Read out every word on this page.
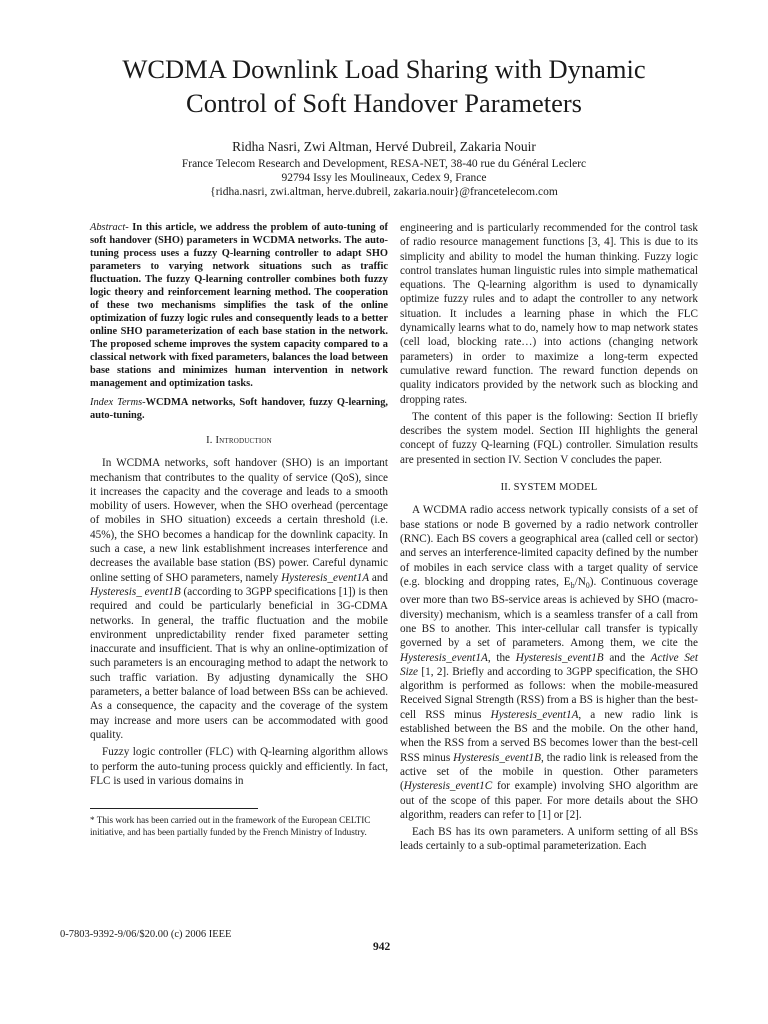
WCDMA Downlink Load Sharing with Dynamic
Control of Soft Handover Parameters
Ridha Nasri, Zwi Altman, Hervé Dubreil, Zakaria Nouir
France Telecom Research and Development, RESA-NET, 38-40 rue du Général Leclerc
92794 Issy les Moulineaux, Cedex 9, France
{ridha.nasri, zwi.altman, herve.dubreil, zakaria.nouir}@francetelecom.com

Abstract- In this article, we address the problem of auto-tuning of soft handover (SHO) parameters in WCDMA networks. The auto-tuning process uses a fuzzy Q-learning controller to adapt SHO parameters to varying network situations such as traffic fluctuation. The fuzzy Q-learning controller combines both fuzzy logic theory and reinforcement learning method. The cooperation of these two mechanisms simplifies the task of the online optimization of fuzzy logic rules and consequently leads to a better online SHO parameterization of each base station in the network. The proposed scheme improves the system capacity compared to a classical network with fixed parameters, balances the load between base stations and minimizes human intervention in network management and optimization tasks.

Index Terms-WCDMA networks, Soft handover, fuzzy Q-learning, auto-tuning.

I. Introduction

In WCDMA networks, soft handover (SHO) is an important mechanism that contributes to the quality of service (QoS), since it increases the capacity and the coverage and leads to a smooth mobility of users. However, when the SHO overhead (percentage of mobiles in SHO situation) exceeds a certain threshold (i.e. 45%), the SHO becomes a handicap for the downlink capacity. In such a case, a new link establishment increases interference and decreases the available base station (BS) power. Careful dynamic online setting of SHO parameters, namely Hysteresis_event1A and Hysteresis_ event1B (according to 3GPP specifications [1]) is then required and could be particularly beneficial in 3G-CDMA networks. In general, the traffic fluctuation and the mobile environment unpredictability render fixed parameter setting inaccurate and insufficient. That is why an online-optimization of such parameters is an encouraging method to adapt the network to such traffic variation. By adjusting dynamically the SHO parameters, a better balance of load between BSs can be achieved. As a consequence, the capacity and the coverage of the system may increase and more users can be accommodated with good quality.

Fuzzy logic controller (FLC) with Q-learning algorithm allows to perform the auto-tuning process quickly and efficiently. In fact, FLC is used in various domains in

* This work has been carried out in the framework of the European CELTIC initiative, and has been partially funded by the French Ministry of Industry.

engineering and is particularly recommended for the control task of radio resource management functions [3, 4]. This is due to its simplicity and ability to model the human thinking. Fuzzy logic control translates human linguistic rules into simple mathematical equations. The Q-learning algorithm is used to dynamically optimize fuzzy rules and to adapt the controller to any network situation. It includes a learning phase in which the FLC dynamically learns what to do, namely how to map network states (cell load, blocking rate…) into actions (changing network parameters) in order to maximize a long-term expected cumulative reward function. The reward function depends on quality indicators provided by the network such as blocking and dropping rates.

The content of this paper is the following: Section II briefly describes the system model. Section III highlights the general concept of fuzzy Q-learning (FQL) controller. Simulation results are presented in section IV. Section V concludes the paper.

II. SYSTEM MODEL

A WCDMA radio access network typically consists of a set of base stations or node B governed by a radio network controller (RNC). Each BS covers a geographical area (called cell or sector) and serves an interference-limited capacity defined by the number of mobiles in each service class with a target quality of service (e.g. blocking and dropping rates, $E_b/N_0$). Continuous coverage over more than two BS-service areas is achieved by SHO (macro-diversity) mechanism, which is a seamless transfer of a call from one BS to another. This inter-cellular call transfer is typically governed by a set of parameters. Among them, we cite the Hysteresis_event1A, the Hysteresis_event1B and the Active Set Size [1, 2]. Briefly and according to 3GPP specification, the SHO algorithm is performed as follows: when the mobile-measured Received Signal Strength (RSS) from a BS is higher than the best-cell RSS minus Hysteresis_event1A, a new radio link is established between the BS and the mobile. On the other hand, when the RSS from a served BS becomes lower than the best-cell RSS minus Hysteresis_event1B, the radio link is released from the active set of the mobile in question. Other parameters (Hysteresis_event1C for example) involving SHO algorithm are out of the scope of this paper. For more details about the SHO algorithm, readers can refer to [1] or [2].

Each BS has its own parameters. A uniform setting of all BSs leads certainly to a sub-optimal parameterization. Each

0-7803-9392-9/06/$20.00 (c) 2006 IEEE
942
